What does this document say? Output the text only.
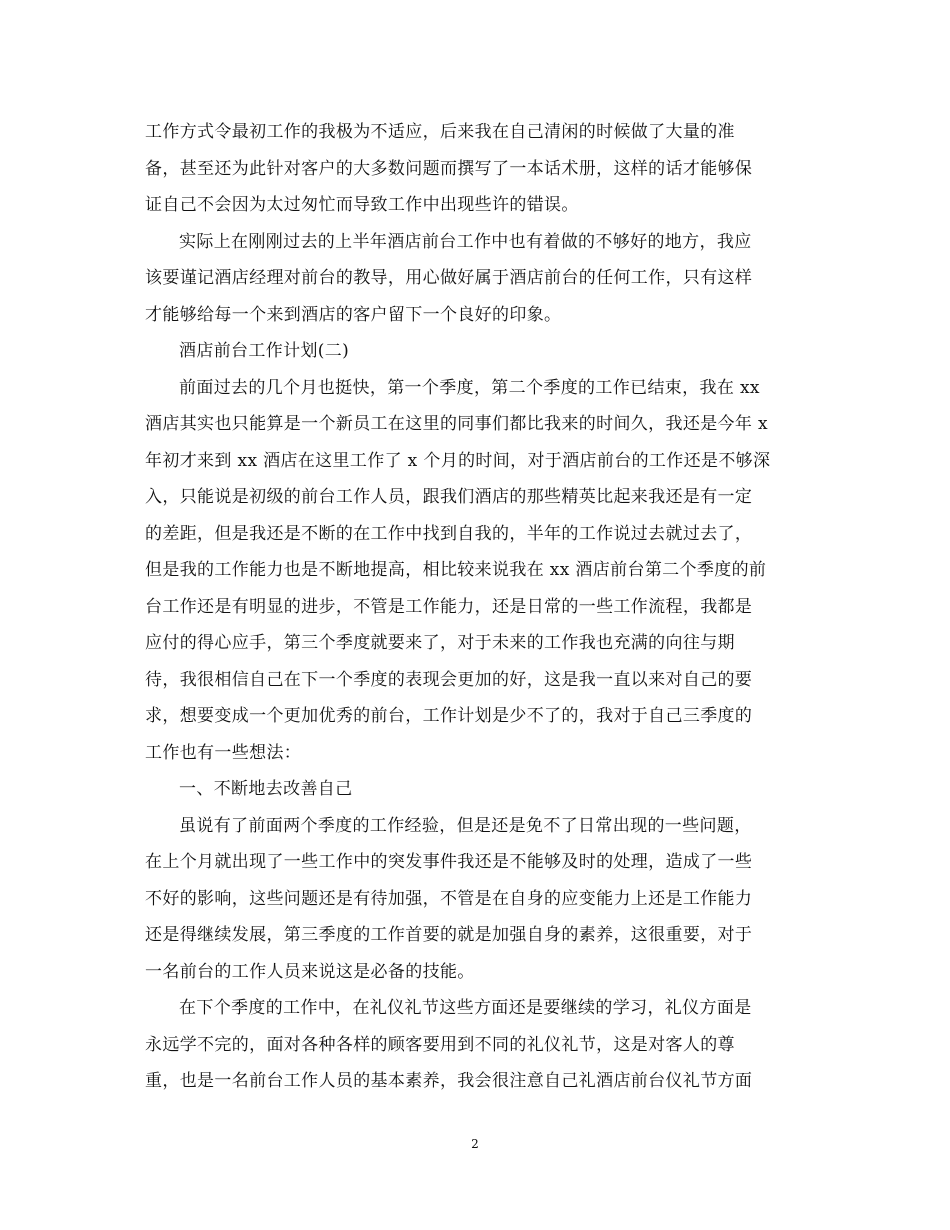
工作方式令最初工作的我极为不适应，后来我在自己清闲的时候做了大量的准
备，甚至还为此针对客户的大多数问题而撰写了一本话术册，这样的话才能够保
证自己不会因为太过匆忙而导致工作中出现些许的错误。
实际上在刚刚过去的上半年酒店前台工作中也有着做的不够好的地方，我应
该要谨记酒店经理对前台的教导，用心做好属于酒店前台的任何工作，只有这样
才能够给每一个来到酒店的客户留下一个良好的印象。
酒店前台工作计划(二)
前面过去的几个月也挺快，第一个季度，第二个季度的工作已结束，我在 xx
酒店其实也只能算是一个新员工在这里的同事们都比我来的时间久，我还是今年 x
年初才来到 xx 酒店在这里工作了 x 个月的时间，对于酒店前台的工作还是不够深
入，只能说是初级的前台工作人员，跟我们酒店的那些精英比起来我还是有一定
的差距，但是我还是不断的在工作中找到自我的，半年的工作说过去就过去了，
但是我的工作能力也是不断地提高，相比较来说我在 xx 酒店前台第二个季度的前
台工作还是有明显的进步，不管是工作能力，还是日常的一些工作流程，我都是
应付的得心应手，第三个季度就要来了，对于未来的工作我也充满的向往与期
待，我很相信自己在下一个季度的表现会更加的好，这是我一直以来对自己的要
求，想要变成一个更加优秀的前台，工作计划是少不了的，我对于自己三季度的
工作也有一些想法：
一、不断地去改善自己
虽说有了前面两个季度的工作经验，但是还是免不了日常出现的一些问题，
在上个月就出现了一些工作中的突发事件我还是不能够及时的处理，造成了一些
不好的影响，这些问题还是有待加强，不管是在自身的应变能力上还是工作能力
还是得继续发展，第三季度的工作首要的就是加强自身的素养，这很重要，对于
一名前台的工作人员来说这是必备的技能。
在下个季度的工作中，在礼仪礼节这些方面还是要继续的学习，礼仪方面是
永远学不完的，面对各种各样的顾客要用到不同的礼仪礼节，这是对客人的尊
重，也是一名前台工作人员的基本素养，我会很注意自己礼酒店前台仪礼节方面
2
